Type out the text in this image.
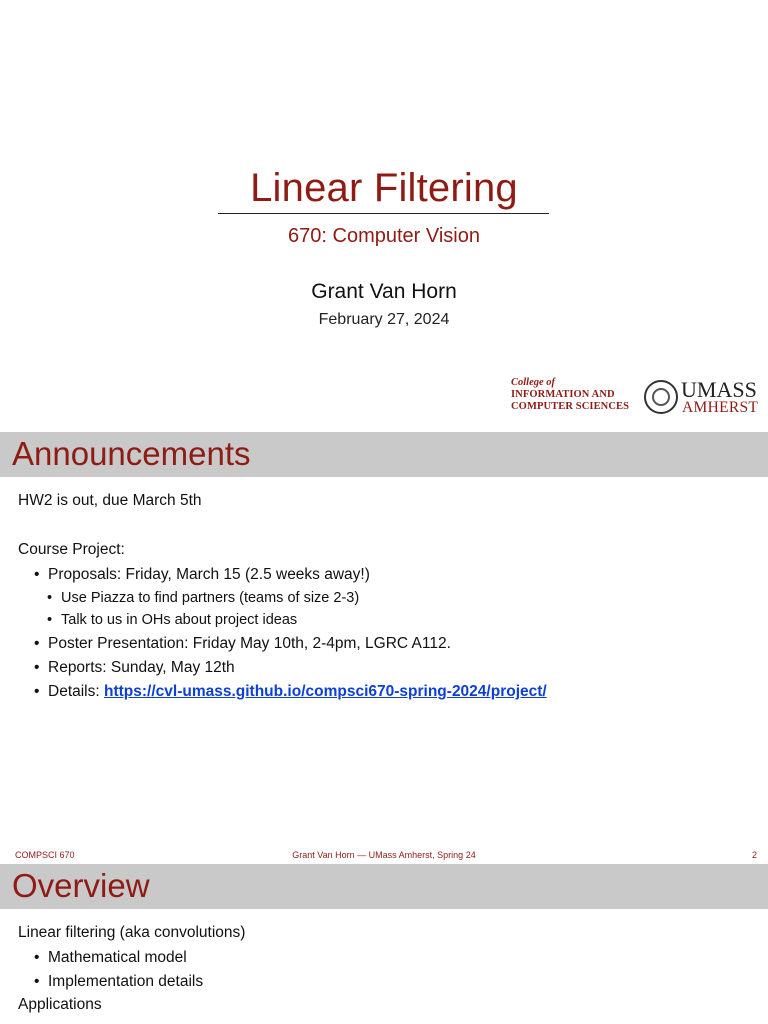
Linear Filtering
670: Computer Vision
Grant Van Horn
February 27, 2024
College of
INFORMATION AND
COMPUTER SCIENCES
UMASS
AMHERST
Announcements
HW2 is out, due March 5th
Course Project:
• Proposals: Friday, March 15 (2.5 weeks away!)
• Use Piazza to find partners (teams of size 2-3)
• Talk to us in OHs about project ideas
• Poster Presentation: Friday May 10th, 2-4pm, LGRC A112.
• Reports: Sunday, May 12th
• Details: https://cvl-umass.github.io/compsci670-spring-2024/project/
COMPSCI 670	Grant Van Horn — UMass Amherst, Spring 24	2
Overview
Linear filtering (aka convolutions)
• Mathematical model
• Implementation details
Applications
